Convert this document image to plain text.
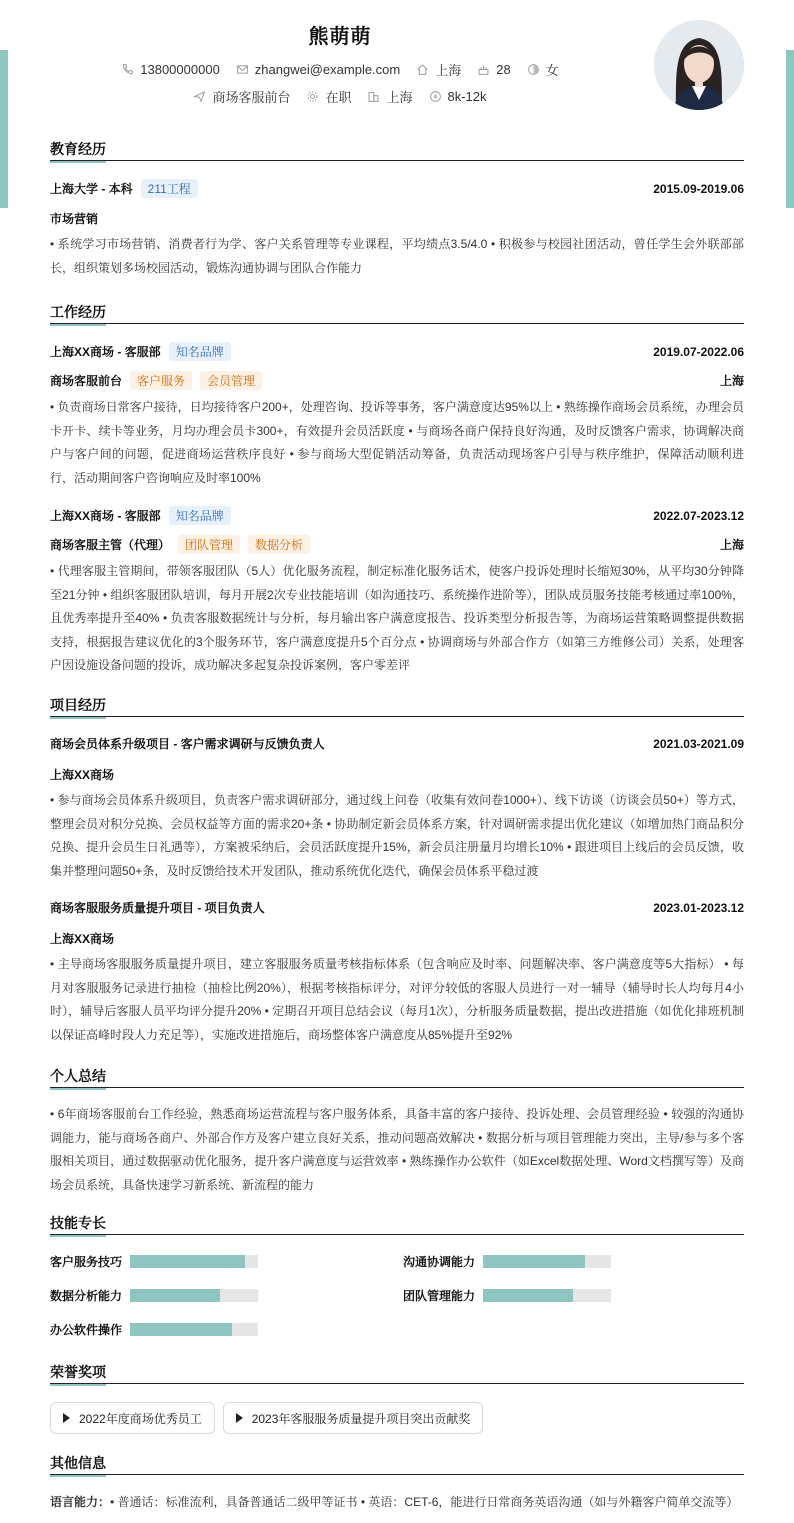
熊萌萌
13800000000	zhangwei@example.com	上海	28	女
商场客服前台	在职	上海	8k-12k
教育经历
上海大学 - 本科	211工程	2015.09-2019.06
市场营销
• 系统学习市场营销、消费者行为学、客户关系管理等专业课程，平均绩点3.5/4.0 • 积极参与校园社团活动，曾任学生会外联部部长，组织策划多场校园活动，锻炼沟通协调与团队合作能力
工作经历
上海XX商场 - 客服部	知名品牌	2019.07-2022.06
商场客服前台	客户服务	会员管理	上海
• 负责商场日常客户接待，日均接待客户200+，处理咨询、投诉等事务，客户满意度达95%以上 • 熟练操作商场会员系统，办理会员卡开卡、续卡等业务，月均办理会员卡300+，有效提升会员活跃度 • 与商场各商户保持良好沟通，及时反馈客户需求，协调解决商户与客户间的问题，促进商场运营秩序良好 • 参与商场大型促销活动筹备，负责活动现场客户引导与秩序维护，保障活动顺利进行，活动期间客户咨询响应及时率100%
上海XX商场 - 客服部	知名品牌	2022.07-2023.12
商场客服主管（代理）	团队管理	数据分析	上海
• 代理客服主管期间，带领客服团队（5人）优化服务流程，制定标准化服务话术，使客户投诉处理时长缩短30%，从平均30分钟降至21分钟 • 组织客服团队培训，每月开展2次专业技能培训（如沟通技巧、系统操作进阶等），团队成员服务技能考核通过率100%，且优秀率提升至40% • 负责客服数据统计与分析，每月输出客户满意度报告、投诉类型分析报告等，为商场运营策略调整提供数据支持，根据报告建议优化的3个服务环节，客户满意度提升5个百分点 • 协调商场与外部合作方（如第三方维修公司）关系，处理客户因设施设备问题的投诉，成功解决多起复杂投诉案例，客户零差评
项目经历
商场会员体系升级项目 - 客户需求调研与反馈负责人	2021.03-2021.09
上海XX商场
• 参与商场会员体系升级项目，负责客户需求调研部分，通过线上问卷（收集有效问卷1000+）、线下访谈（访谈会员50+）等方式，整理会员对积分兑换、会员权益等方面的需求20+条 • 协助制定新会员体系方案，针对调研需求提出优化建议（如增加热门商品积分兑换、提升会员生日礼遇等），方案被采纳后，会员活跃度提升15%，新会员注册量月均增长10% • 跟进项目上线后的会员反馈，收集并整理问题50+条，及时反馈给技术开发团队，推动系统优化迭代，确保会员体系平稳过渡
商场客服服务质量提升项目 - 项目负责人	2023.01-2023.12
上海XX商场
• 主导商场客服服务质量提升项目，建立客服服务质量考核指标体系（包含响应及时率、问题解决率、客户满意度等5大指标） • 每月对客服服务记录进行抽检（抽检比例20%），根据考核指标评分，对评分较低的客服人员进行一对一辅导（辅导时长人均每月4小时），辅导后客服人员平均评分提升20% • 定期召开项目总结会议（每月1次），分析服务质量数据，提出改进措施（如优化排班机制以保证高峰时段人力充足等），实施改进措施后，商场整体客户满意度从85%提升至92%
个人总结
• 6年商场客服前台工作经验，熟悉商场运营流程与客户服务体系，具备丰富的客户接待、投诉处理、会员管理经验 • 较强的沟通协调能力，能与商场各商户、外部合作方及客户建立良好关系，推动问题高效解决 • 数据分析与项目管理能力突出，主导/参与多个客服相关项目，通过数据驱动优化服务，提升客户满意度与运营效率 • 熟练操作办公软件（如Excel数据处理、Word文档撰写等）及商场会员系统，具备快速学习新系统、新流程的能力
技能专长
客户服务技巧	沟通协调能力
数据分析能力	团队管理能力
办公软件操作
荣誉奖项
2022年度商场优秀员工	2023年客服服务质量提升项目突出贡献奖
其他信息
语言能力：• 普通话：标准流利，具备普通话二级甲等证书 • 英语：CET-6，能进行日常商务英语沟通（如与外籍客户简单交流等）
